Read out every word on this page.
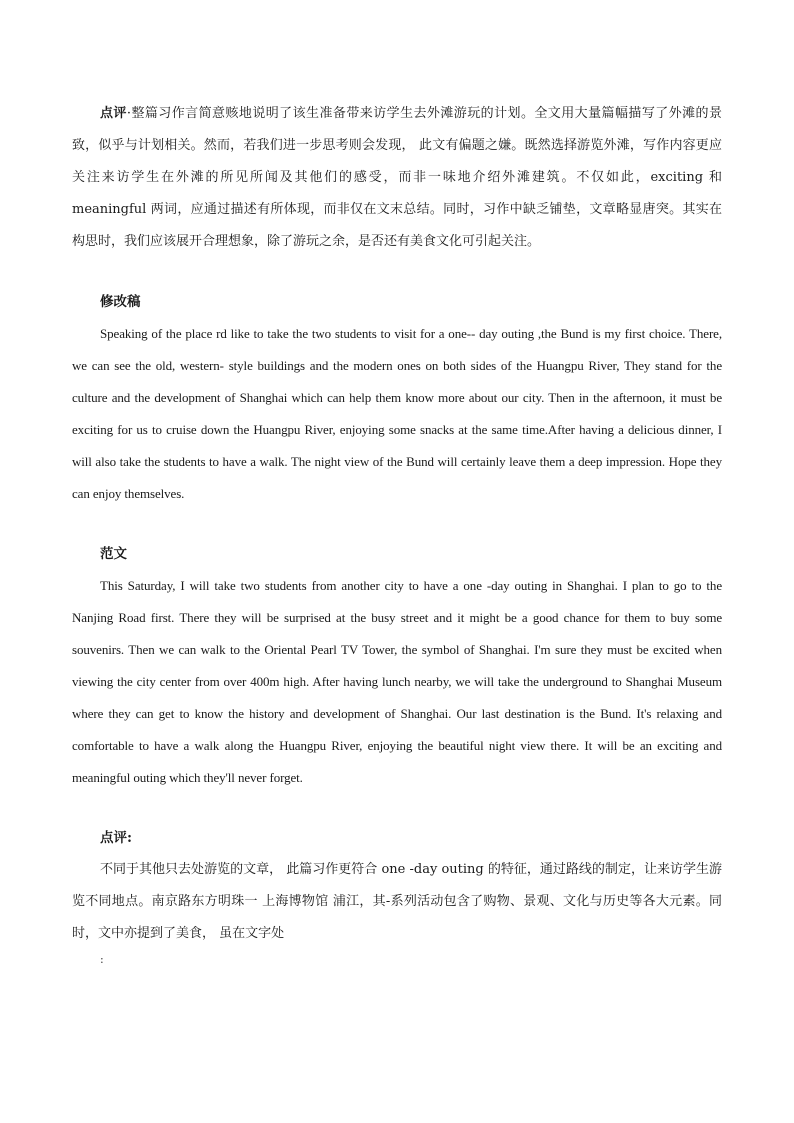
点评·整篇习作言简意赅地说明了该生准备带来访学生去外滩游玩的计划。全文用大量篇幅描写了外滩的景致，似乎与计划相关。然而，若我们进一步思考则会发现， 此文有偏题之嫌。既然选择游览外滩，写作内容更应关注来访学生在外滩的所见所闻及其他们的感受，而非一味地介绍外滩建筑。不仅如此，exciting 和 meaningful 两词，应通过描述有所体现，而非仅在文末总结。同时，习作中缺乏铺垫，文章略显唐突。其实在构思时，我们应该展开合理想象，除了游玩之余，是否还有美食文化可引起关注。

修改稿

Speaking of the place rd like to take the two students to visit for a one-- day outing ,the Bund is my first choice. There, we can see the old, western- style buildings and the modern ones on both sides of the Huangpu River, They stand for the culture and the development of Shanghai which can help them know more about our city. Then in the afternoon, it must be exciting for us to cruise down the Huangpu River, enjoying some snacks at the same time.After having a delicious dinner, I will also take the students to have a walk. The night view of the Bund will certainly leave them a deep impression. Hope they can enjoy themselves.

范文

This Saturday, I will take two students from another city to have a one -day outing in Shanghai. I plan to go to the Nanjing Road first. There they will be surprised at the busy street and it might be a good chance for them to buy some souvenirs. Then we can walk to the Oriental Pearl TV Tower, the symbol of Shanghai. I'm sure they must be excited when viewing the city center from over 400m high. After having lunch nearby, we will take the underground to Shanghai Museum where they can get to know the history and development of Shanghai. Our last destination is the Bund. It's relaxing and comfortable to have a walk along the Huangpu River, enjoying the beautiful night view there. It will be an exciting and meaningful outing which they'll never forget.

点评:

不同于其他只去处游览的文章， 此篇习作更符合 one -day outing 的特征，通过路线的制定，让来访学生游览不同地点。南京路东方明珠一 上海博物馆 浦江，其-系列活动包含了购物、景观、文化与历史等各大元素。同时，文中亦提到了美食， 虽在文字处

:
